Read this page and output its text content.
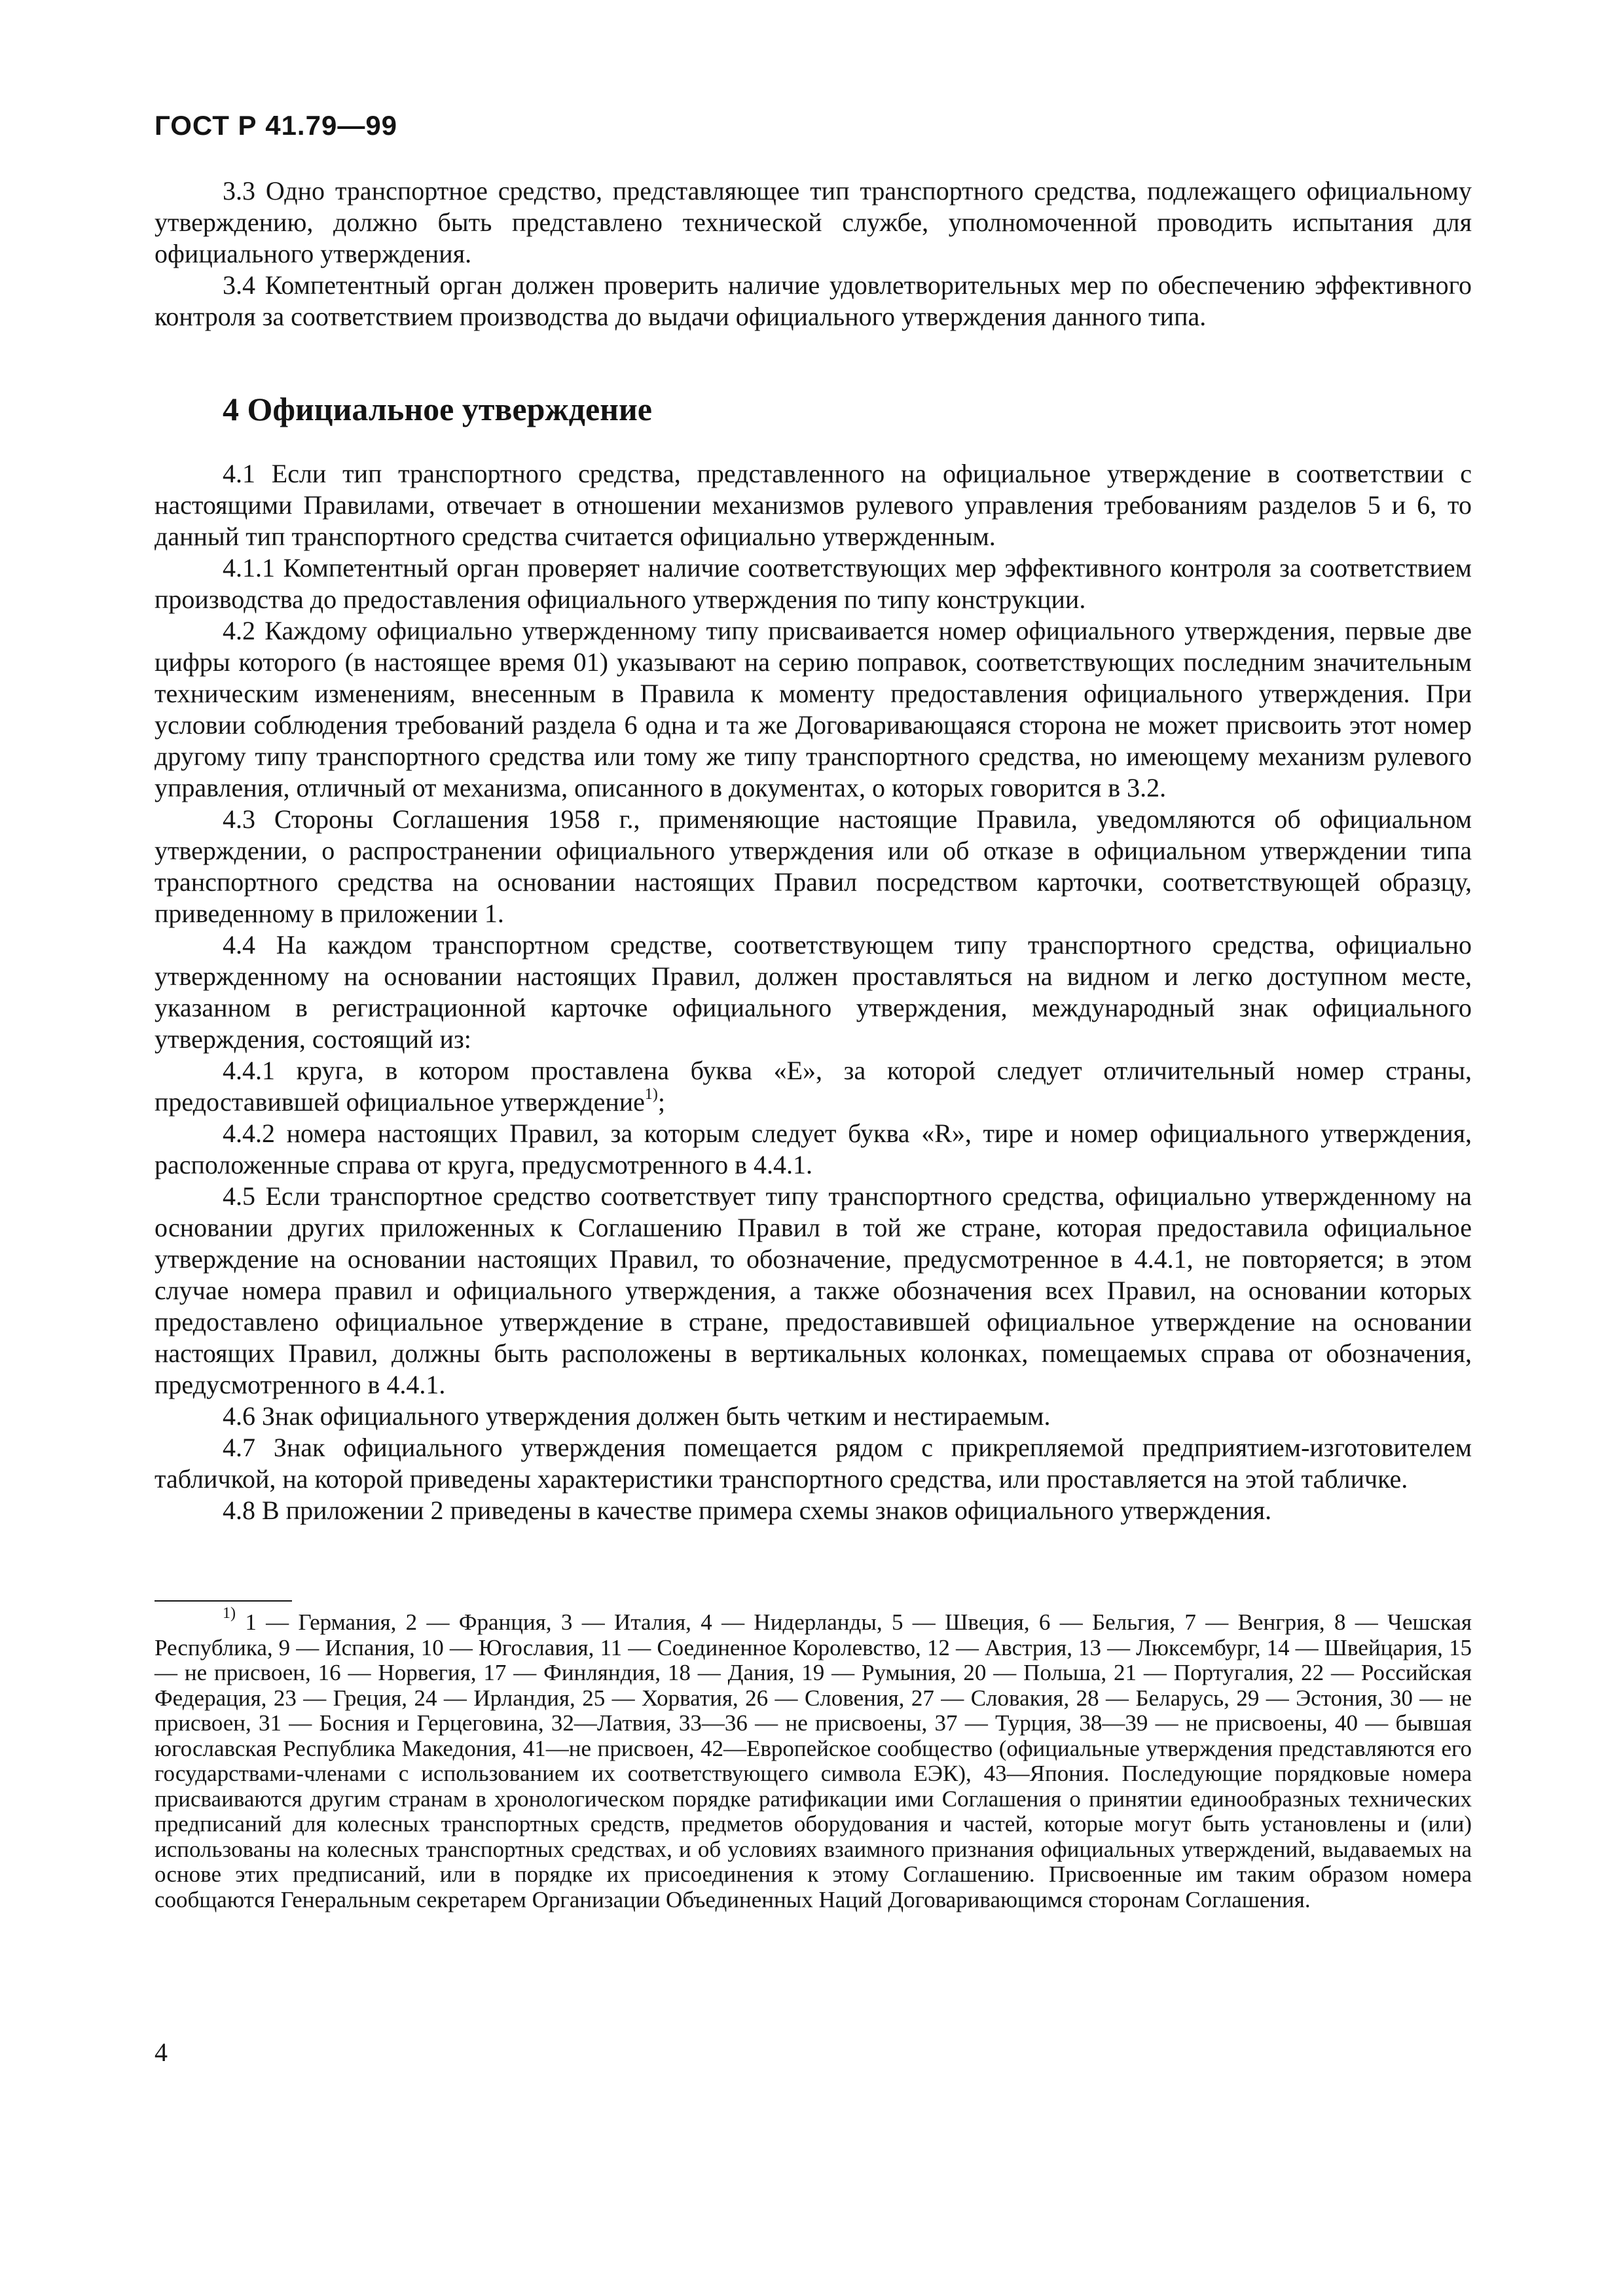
ГОСТ Р 41.79—99

3.3 Одно транспортное средство, представляющее тип транспортного средства, подлежащего официальному утверждению, должно быть представлено технической службе, уполномоченной проводить испытания для официального утверждения.

3.4 Компетентный орган должен проверить наличие удовлетворительных мер по обеспечению эффективного контроля за соответствием производства до выдачи официального утверждения данного типа.

4 Официальное утверждение

4.1 Если тип транспортного средства, представленного на официальное утверждение в соответствии с настоящими Правилами, отвечает в отношении механизмов рулевого управления требованиям разделов 5 и 6, то данный тип транспортного средства считается официально утвержденным.

4.1.1 Компетентный орган проверяет наличие соответствующих мер эффективного контроля за соответствием производства до предоставления официального утверждения по типу конструкции.

4.2 Каждому официально утвержденному типу присваивается номер официального утверждения, первые две цифры которого (в настоящее время 01) указывают на серию поправок, соответствующих последним значительным техническим изменениям, внесенным в Правила к моменту предоставления официального утверждения. При условии соблюдения требований раздела 6 одна и та же Договаривающаяся сторона не может присвоить этот номер другому типу транспортного средства или тому же типу транспортного средства, но имеющему механизм рулевого управления, отличный от механизма, описанного в документах, о которых говорится в 3.2.

4.3 Стороны Соглашения 1958 г., применяющие настоящие Правила, уведомляются об официальном утверждении, о распространении официального утверждения или об отказе в официальном утверждении типа транспортного средства на основании настоящих Правил посредством карточки, соответствующей образцу, приведенному в приложении 1.

4.4 На каждом транспортном средстве, соответствующем типу транспортного средства, официально утвержденному на основании настоящих Правил, должен проставляться на видном и легко доступном месте, указанном в регистрационной карточке официального утверждения, международный знак официального утверждения, состоящий из:

4.4.1 круга, в котором проставлена буква «Е», за которой следует отличительный номер страны, предоставившей официальное утверждение$^{1)}$;

4.4.2 номера настоящих Правил, за которым следует буква «R», тире и номер официального утверждения, расположенные справа от круга, предусмотренного в 4.4.1.

4.5 Если транспортное средство соответствует типу транспортного средства, официально утвержденному на основании других приложенных к Соглашению Правил в той же стране, которая предоставила официальное утверждение на основании настоящих Правил, то обозначение, предусмотренное в 4.4.1, не повторяется; в этом случае номера правил и официального утверждения, а также обозначения всех Правил, на основании которых предоставлено официальное утверждение в стране, предоставившей официальное утверждение на основании настоящих Правил, должны быть расположены в вертикальных колонках, помещаемых справа от обозначения, предусмотренного в 4.4.1.

4.6 Знак официального утверждения должен быть четким и нестираемым.

4.7 Знак официального утверждения помещается рядом с прикрепляемой предприятием-изготовителем табличкой, на которой приведены характеристики транспортного средства, или проставляется на этой табличке.

4.8 В приложении 2 приведены в качестве примера схемы знаков официального утверждения.

$^{1)}$ 1 — Германия, 2 — Франция, 3 — Италия, 4 — Нидерланды, 5 — Швеция, 6 — Бельгия, 7 — Венгрия, 8 — Чешская Республика, 9 — Испания, 10 — Югославия, 11 — Соединенное Королевство, 12 — Австрия, 13 — Люксембург, 14 — Швейцария, 15 — не присвоен, 16 — Норвегия, 17 — Финляндия, 18 — Дания, 19 — Румыния, 20 — Польша, 21 — Португалия, 22 — Российская Федерация, 23 — Греция, 24 — Ирландия, 25 — Хорватия, 26 — Словения, 27 — Словакия, 28 — Беларусь, 29 — Эстония, 30 — не присвоен, 31 — Босния и Герцеговина, 32—Латвия, 33—36 — не присвоены, 37 — Турция, 38—39 — не присвоены, 40 — бывшая югославская Республика Македония, 41—не присвоен, 42—Европейское сообщество (официальные утверждения представляются его государствами-членами с использованием их соответствующего символа ЕЭК), 43—Япония. Последующие порядковые номера присваиваются другим странам в хронологическом порядке ратификации ими Соглашения о принятии единообразных технических предписаний для колесных транспортных средств, предметов оборудования и частей, которые могут быть установлены и (или) использованы на колесных транспортных средствах, и об условиях взаимного признания официальных утверждений, выдаваемых на основе этих предписаний, или в порядке их присоединения к этому Соглашению. Присвоенные им таким образом номера сообщаются Генеральным секретарем Организации Объединенных Наций Договаривающимся сторонам Соглашения.

4
